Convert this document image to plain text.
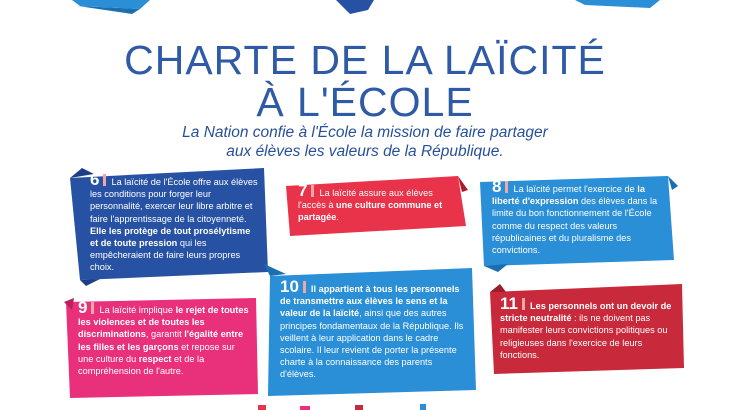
CHARTE DE LA LAÏCITÉ
À L'ÉCOLE
La Nation confie à l'École la mission de faire partager
aux élèves les valeurs de la République.
6 La laïcité de l'École offre aux élèves les conditions pour forger leur personnalité, exercer leur libre arbitre et faire l'apprentissage de la citoyenneté. Elle les protège de tout prosélytisme et de toute pression qui les empêcheraient de faire leurs propres choix.
7 La laïcité assure aux élèves l'accès à une culture commune et partagée.
8 La laïcité permet l'exercice de la liberté d'expression des élèves dans la limite du bon fonctionnement de l'École comme du respect des valeurs républicaines et du pluralisme des convictions.
9 La laïcité implique le rejet de toutes les violences et de toutes les discriminations, garantit l'égalité entre les filles et les garçons et repose sur une culture du respect et de la compréhension de l'autre.
10 Il appartient à tous les personnels de transmettre aux élèves le sens et la valeur de la laïcité, ainsi que des autres principes fondamentaux de la République. Ils veillent à leur application dans le cadre scolaire. Il leur revient de porter la présente charte à la connaissance des parents d'élèves.
11 Les personnels ont un devoir de stricte neutralité : ils ne doivent pas manifester leurs convictions politiques ou religieuses dans l'exercice de leurs fonctions.
